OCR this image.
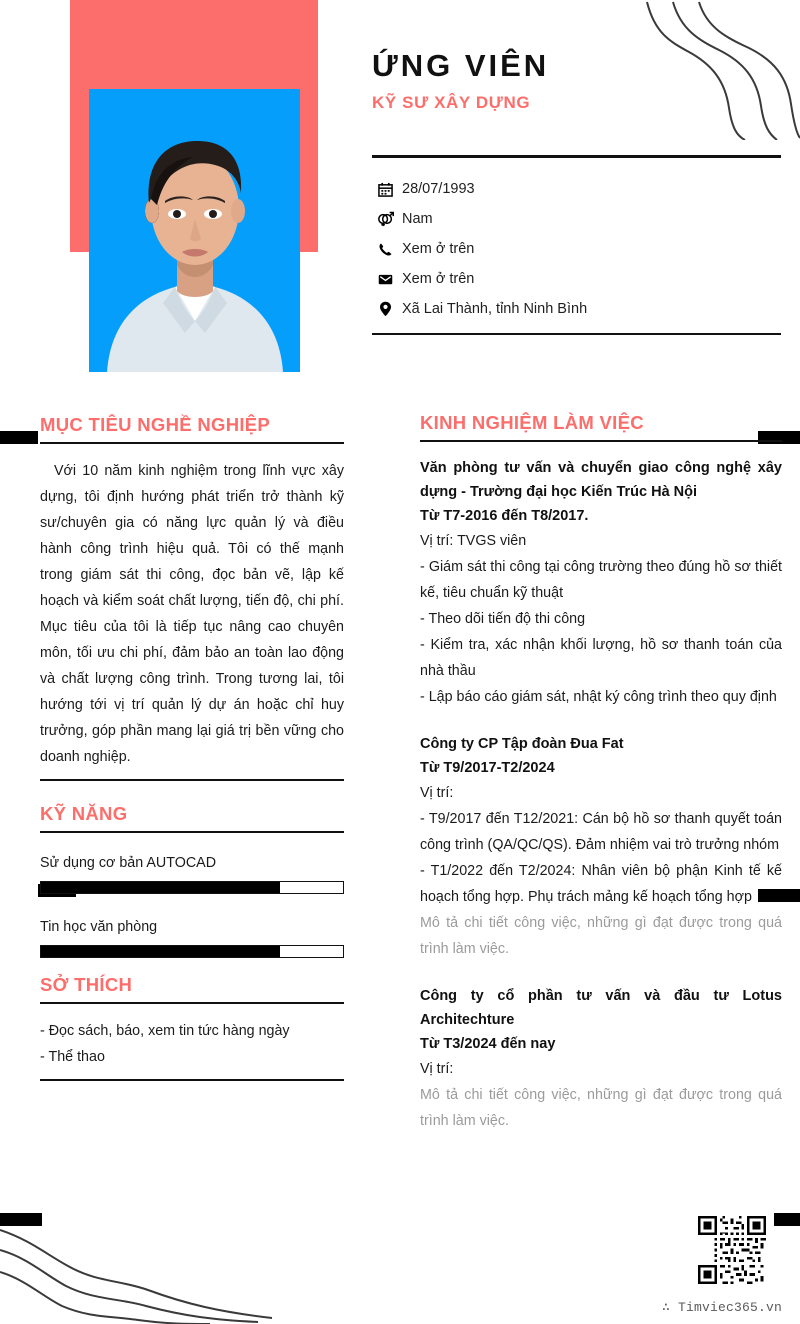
ỨNG VIÊN
KỸ SƯ XÂY DỰNG
28/07/1993
Nam
Xem ở trên
Xem ở trên
Xã Lai Thành, tỉnh Ninh Bình
MỤC TIÊU NGHỀ NGHIỆP
Với 10 năm kinh nghiệm trong lĩnh vực xây dựng, tôi định hướng phát triển trở thành kỹ sư/chuyên gia có năng lực quản lý và điều hành công trình hiệu quả. Tôi có thế mạnh trong giám sát thi công, đọc bản vẽ, lập kế hoạch và kiểm soát chất lượng, tiến độ, chi phí. Mục tiêu của tôi là tiếp tục nâng cao chuyên môn, tối ưu chi phí, đảm bảo an toàn lao động và chất lượng công trình. Trong tương lai, tôi hướng tới vị trí quản lý dự án hoặc chỉ huy trưởng, góp phần mang lại giá trị bền vững cho doanh nghiệp.
KỸ NĂNG
Sử dụng cơ bản AUTOCAD
Tin học văn phòng
SỞ THÍCH
- Đọc sách, báo, xem tin tức hàng ngày
- Thể thao
KINH NGHIỆM LÀM VIỆC
Văn phòng tư vấn và chuyển giao công nghệ xây dựng - Trường đại học Kiến Trúc Hà Nội
Từ T7-2016 đến T8/2017.
Vị trí: TVGS viên
- Giám sát thi công tại công trường theo đúng hồ sơ thiết kế, tiêu chuẩn kỹ thuật
- Theo dõi tiến độ thi công
- Kiểm tra, xác nhận khối lượng, hồ sơ thanh toán của nhà thầu
- Lập báo cáo giám sát, nhật ký công trình theo quy định
Công ty CP Tập đoàn Đua Fat
Từ T9/2017-T2/2024
Vị trí:
- T9/2017 đến T12/2021: Cán bộ hồ sơ thanh quyết toán công trình (QA/QC/QS). Đảm nhiệm vai trò trưởng nhóm
- T1/2022 đến T2/2024: Nhân viên bộ phận Kinh tế kế hoạch tổng hợp. Phụ trách mảng kế hoạch tổng hợp
Mô tả chi tiết công việc, những gì đạt được trong quá trình làm việc.
Công ty cổ phần tư vấn và đầu tư Lotus Architechture
Từ T3/2024 đến nay
Vị trí:
Mô tả chi tiết công việc, những gì đạt được trong quá trình làm việc.
∴ Timviec365.vn
